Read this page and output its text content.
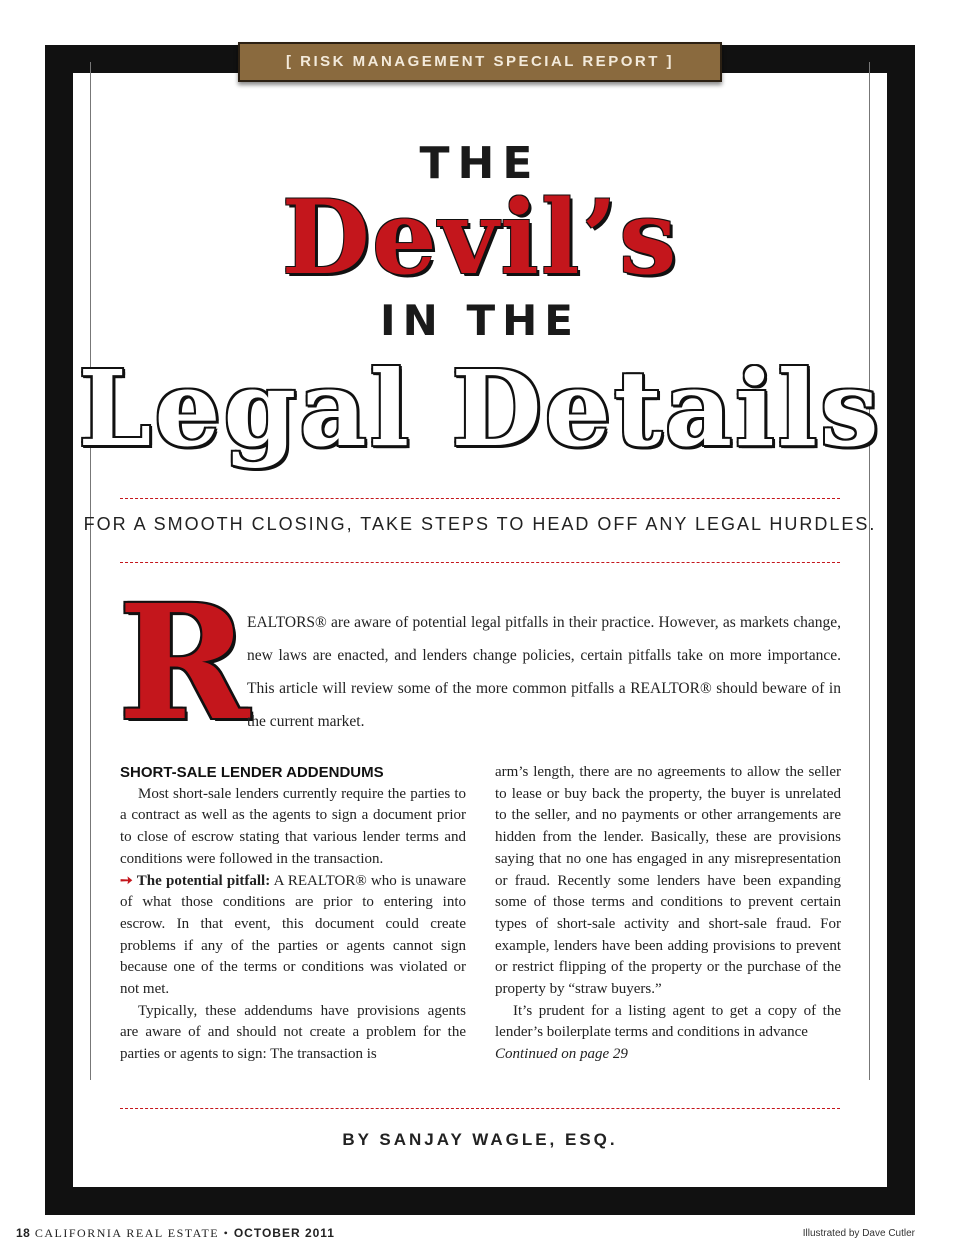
[ RISK MANAGEMENT SPECIAL REPORT ]
THE
Devil’s
IN THE
Legal Details
FOR A SMOOTH CLOSING, TAKE STEPS TO HEAD OFF ANY LEGAL HURDLES.
R
EALTORS® are aware of potential legal pitfalls in their practice. However, as markets change, new laws are enacted, and lenders change policies, certain pitfalls take on more importance. This article will review some of the more common pitfalls a REALTOR® should beware of in the current market.

SHORT-SALE LENDER ADDENDUMS

Most short-sale lenders currently require the parties to a contract as well as the agents to sign a document prior to close of escrow stating that various lender terms and conditions were followed in the transaction.

➙ The potential pitfall: A REALTOR® who is unaware of what those conditions are prior to entering into escrow. In that event, this document could create problems if any of the parties or agents cannot sign because one of the terms or conditions was violated or not met.

Typically, these addendums have provisions agents are aware of and should not create a problem for the parties or agents to sign: The transaction is

arm’s length, there are no agreements to allow the seller to lease or buy back the property, the buyer is unrelated to the seller, and no payments or other arrangements are hidden from the lender. Basically, these are provisions saying that no one has engaged in any misrepresentation or fraud. Recently some lenders have been expanding some of those terms and conditions to prevent certain types of short-sale activity and short-sale fraud. For example, lenders have been adding provisions to prevent or restrict flipping of the property or the purchase of the property by “straw buyers.”

It’s prudent for a listing agent to get a copy of the lender’s boilerplate terms and conditions in advance

Continued on page 29

BY SANJAY WAGLE, ESQ.
18 CALIFORNIA REAL ESTATE • OCTOBER 2011	Illustrated by Dave Cutler
